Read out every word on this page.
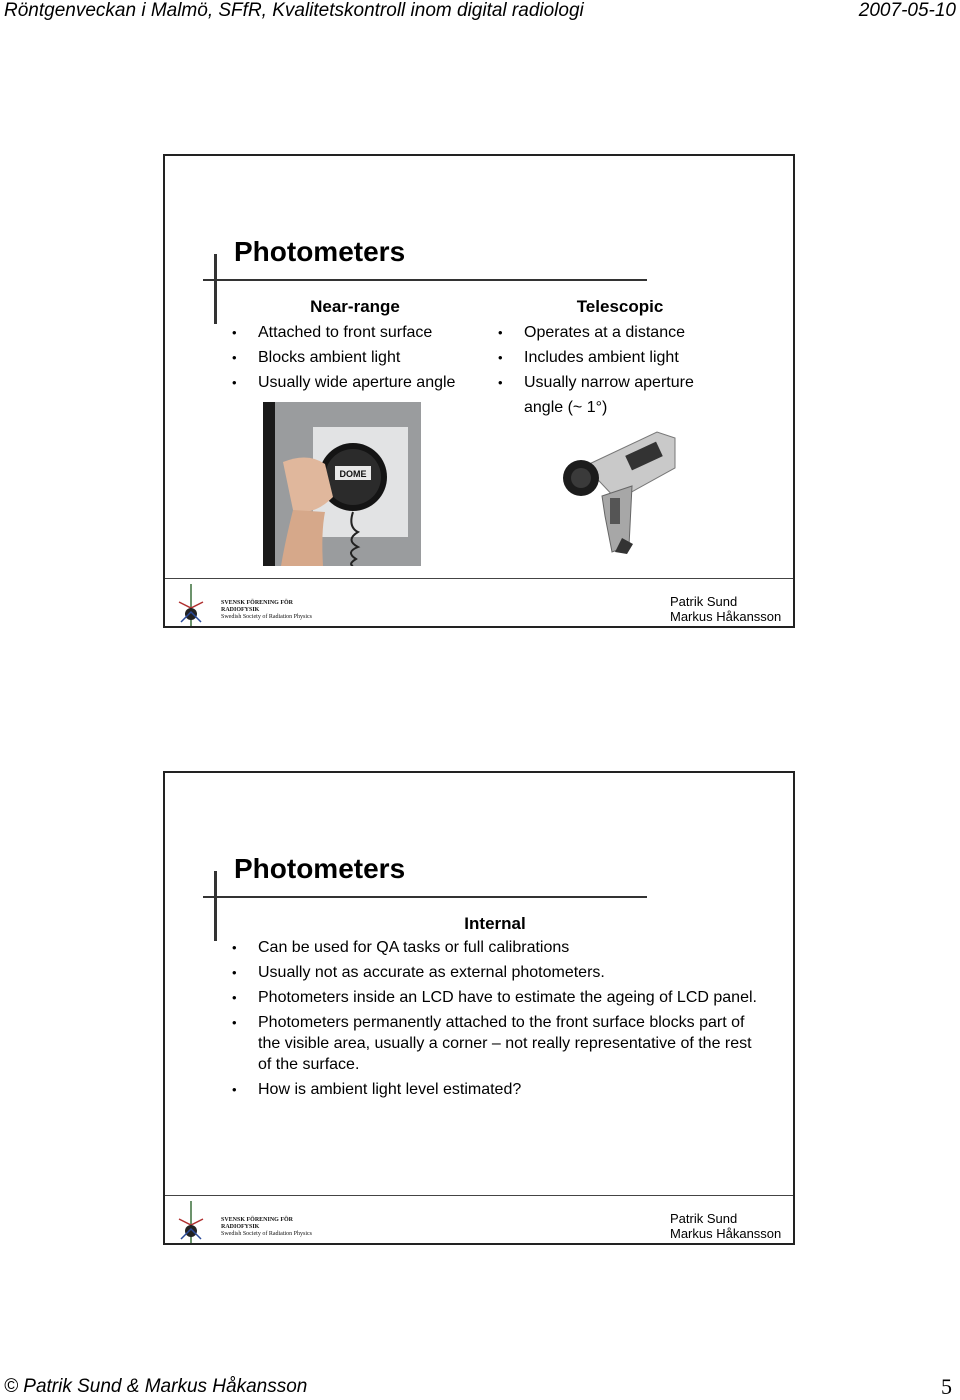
Röntgenveckan i Malmö, SFfR, Kvalitetskontroll inom digital radiologi	2007-05-10
Photometers
Near-range
• Attached to front surface
• Blocks ambient light
• Usually wide aperture angle
Telescopic
• Operates at a distance
• Includes ambient light
• Usually narrow aperture angle (~ 1°)
DOME
SVENSK FÖRENING FÖR
RADIOFYSIK
Swedish Society of Radiation Physics
Patrik Sund
Markus Håkansson
Photometers
Internal
• Can be used for QA tasks or full calibrations
• Usually not as accurate as external photometers.
• Photometers inside an LCD have to estimate the ageing of LCD panel.
• Photometers permanently attached to the front surface blocks part of the visible area, usually a corner – not really representative of the rest of the surface.
• How is ambient light level estimated?
SVENSK FÖRENING FÖR
RADIOFYSIK
Swedish Society of Radiation Physics
Patrik Sund
Markus Håkansson
© Patrik Sund & Markus Håkansson	5
